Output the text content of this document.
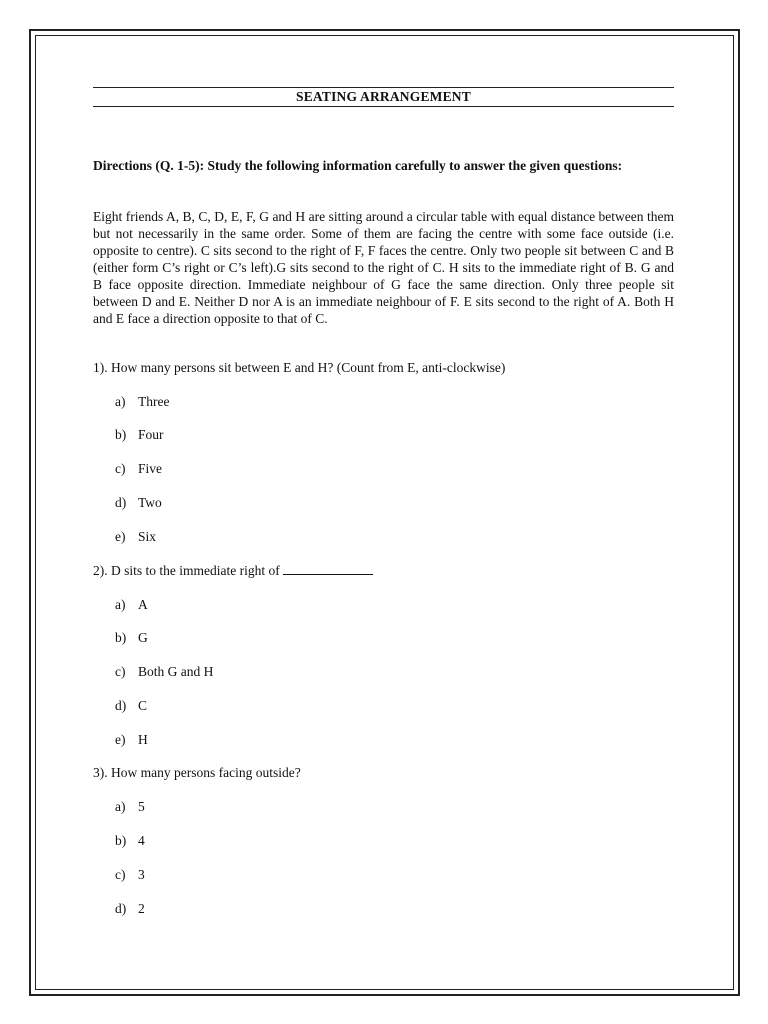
SEATING ARRANGEMENT
Directions (Q. 1-5): Study the following information carefully to answer the given questions:
Eight friends A, B, C, D, E, F, G and H are sitting around a circular table with equal distance between them but not necessarily in the same order. Some of them are facing the centre with some face outside (i.e. opposite to centre). C sits second to the right of F, F faces the centre. Only two people sit between C and B (either form C’s right or C’s left).G sits second to the right of C. H sits to the immediate right of B. G and B face opposite direction. Immediate neighbour of G face the same direction. Only three people sit between D and E. Neither D nor A is an immediate neighbour of F. E sits second to the right of A. Both H and E face a direction opposite to that of C.
1). How many persons sit between E and H? (Count from E, anti-clockwise)
a) Three
b) Four
c) Five
d) Two
e) Six
2). D sits to the immediate right of
a) A
b) G
c) Both G and H
d) C
e) H
3). How many persons facing outside?
a) 5
b) 4
c) 3
d) 2
